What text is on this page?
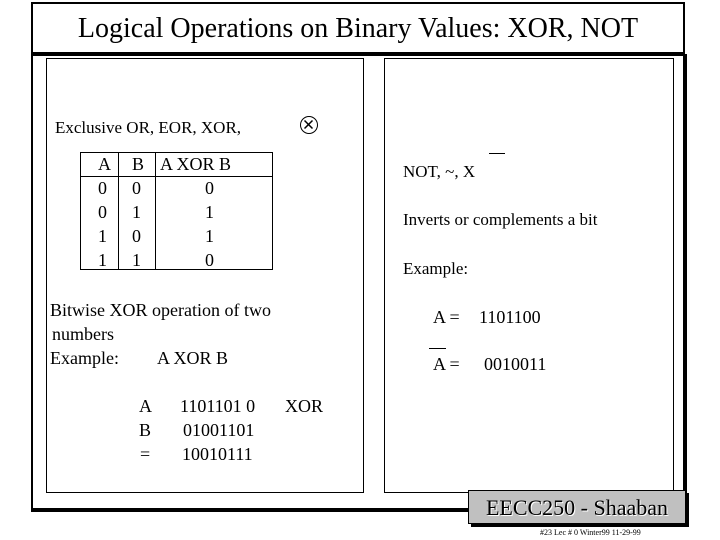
Logical Operations on Binary Values: XOR, NOT
Exclusive OR, EOR, XOR,
A B A XOR B
0 0	0
0 1	1
1 0	1
1 1	0
Bitwise XOR operation of two
numbers
Example: A XOR B
A 1101101 0 XOR
B 01001101
= 10010111
NOT, ~, X
Inverts or complements a bit
Example:
A = 1101100
A = 0010011
EECC250 - Shaaban
#23 Lec # 0 Winter99 11-29-99
